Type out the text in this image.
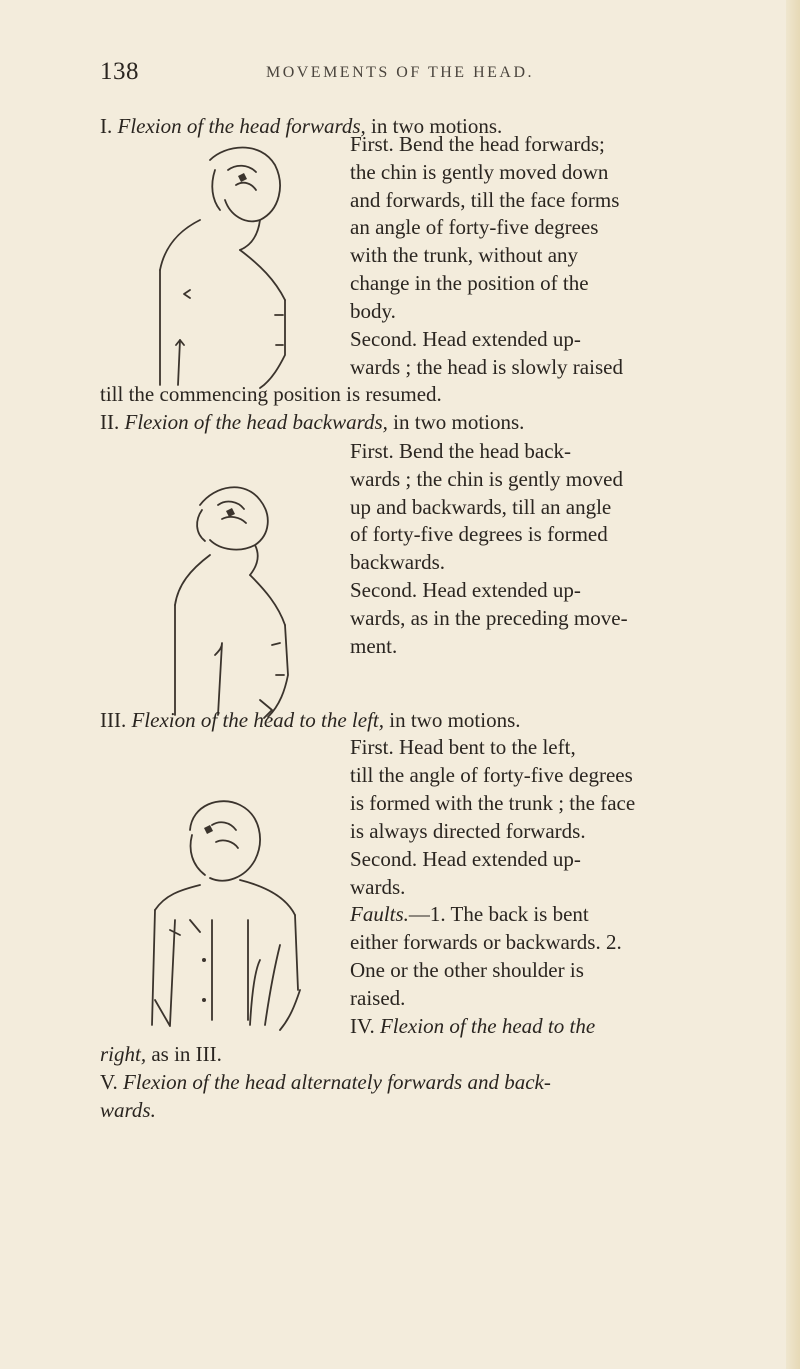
138	MOVEMENTS OF THE HEAD.
I. Flexion of the head forwards, in two motions.
First. Bend the head forwards;
the chin is gently moved down
and forwards, till the face forms
an angle of forty-five degrees
with the trunk, without any
change in the position of the
body.
Second. Head extended up-
wards ; the head is slowly raised
till the commencing position is resumed.
II. Flexion of the head backwards, in two motions.
First. Bend the head back-
wards ; the chin is gently moved
up and backwards, till an angle
of forty-five degrees is formed
backwards.
Second. Head extended up-
wards, as in the preceding move-
ment.
III. Flexion of the head to the left, in two motions.
First. Head bent to the left,
till the angle of forty-five degrees
is formed with the trunk ; the face
is always directed forwards.
Second. Head extended up-
wards.
Faults.—1. The back is bent
either forwards or backwards. 2.
One or the other shoulder is
raised.
IV. Flexion of the head to the
right, as in III.
V. Flexion of the head alternately forwards and back-
wards.
